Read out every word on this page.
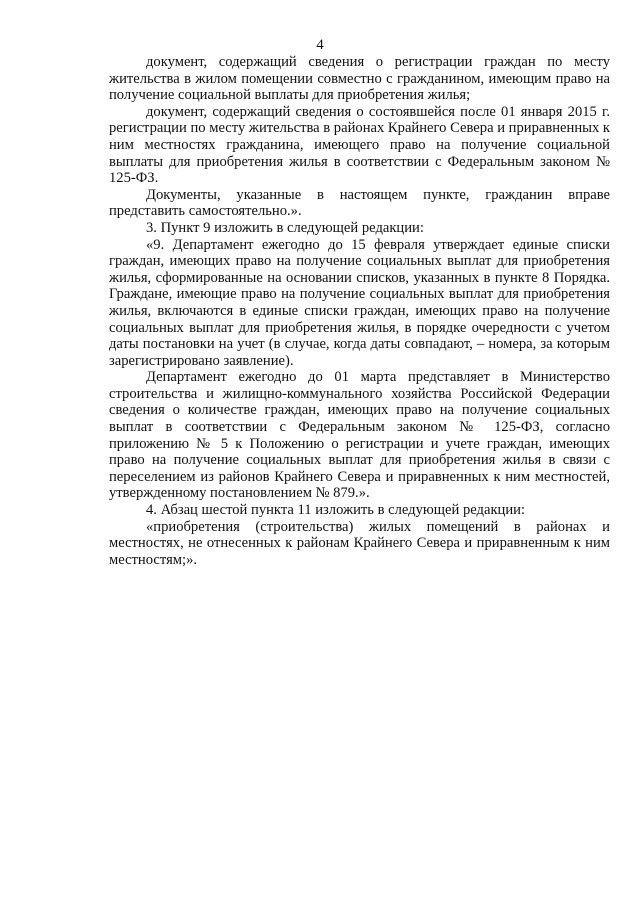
4

документ, содержащий сведения о регистрации граждан по месту жительства в жилом помещении совместно с гражданином, имеющим право на получение социальной выплаты для приобретения жилья;

документ, содержащий сведения о состоявшейся после 01 января 2015 г. регистрации по месту жительства в районах Крайнего Севера и приравненных к ним местностях гражданина, имеющего право на получение социальной выплаты для приобретения жилья в соответствии с Федеральным законом № 125-ФЗ.

Документы, указанные в настоящем пункте, гражданин вправе представить самостоятельно.».

3. Пункт 9 изложить в следующей редакции:

«9. Департамент ежегодно до 15 февраля утверждает единые списки граждан, имеющих право на получение социальных выплат для приобретения жилья, сформированные на основании списков, указанных в пункте 8 Порядка. Граждане, имеющие право на получение социальных выплат для приобретения жилья, включаются в единые списки граждан, имеющих право на получение социальных выплат для приобретения жилья, в порядке очередности с учетом даты постановки на учет (в случае, когда даты совпадают, – номера, за которым зарегистрировано заявление).

Департамент ежегодно до 01 марта представляет в Министерство строительства и жилищно-коммунального хозяйства Российской Федерации сведения о количестве граждан, имеющих право на получение социальных выплат в соответствии с Федеральным законом № 125-ФЗ, согласно приложению № 5 к Положению о регистрации и учете граждан, имеющих право на получение социальных выплат для приобретения жилья в связи с переселением из районов Крайнего Севера и приравненных к ним местностей, утвержденному постановлением № 879.».

4. Абзац шестой пункта 11 изложить в следующей редакции:

«приобретения (строительства) жилых помещений в районах и местностях, не отнесенных к районам Крайнего Севера и приравненным к ним местностям;».
